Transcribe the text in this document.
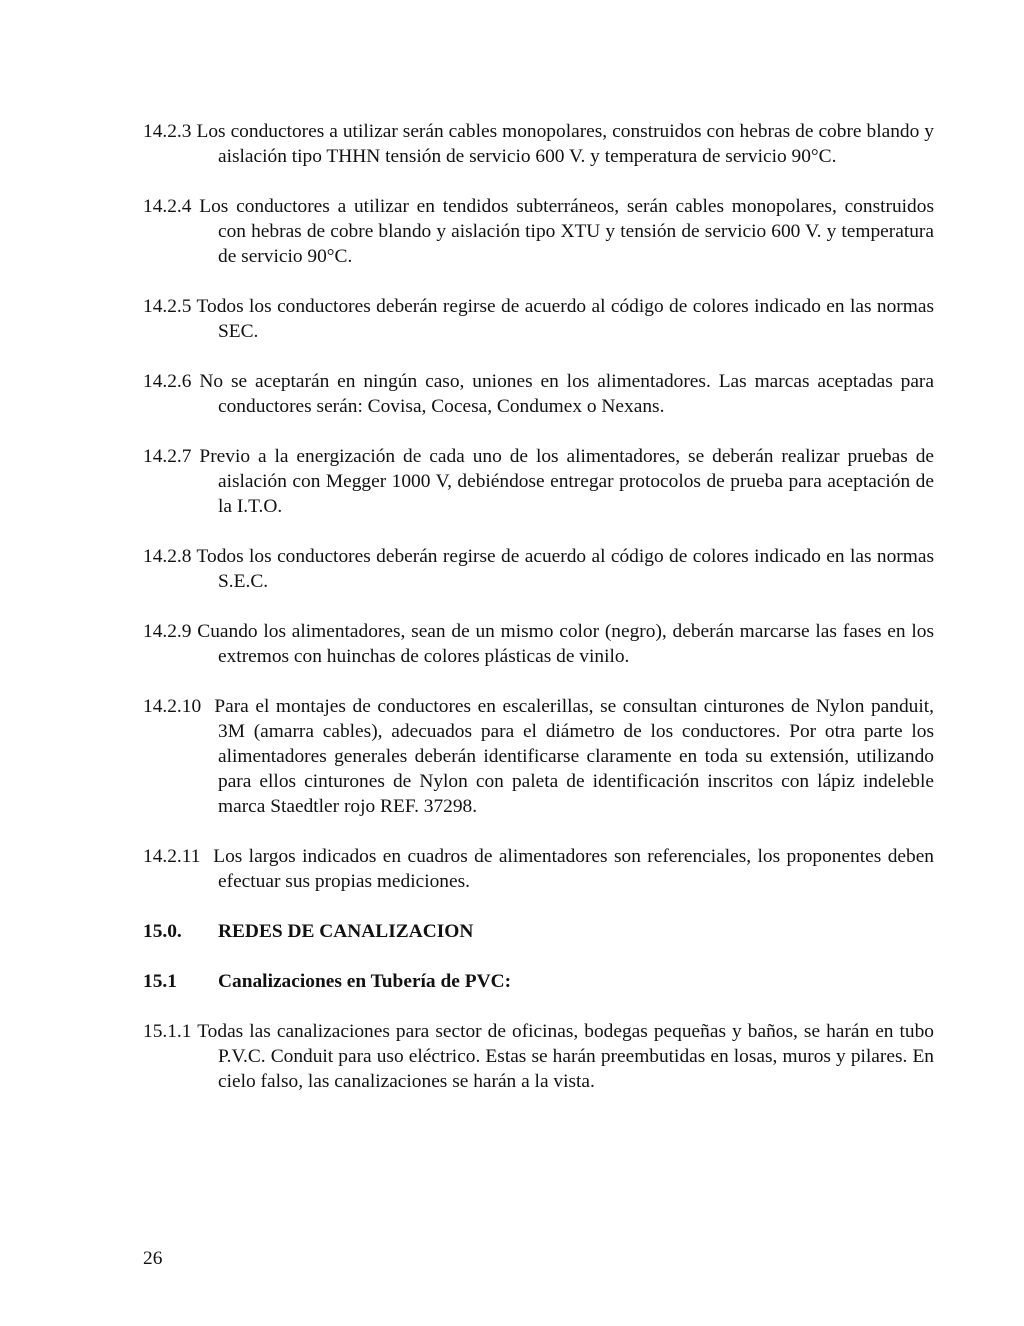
14.2.3 Los conductores a utilizar serán cables monopolares, construidos con hebras de cobre blando y aislación tipo THHN tensión de servicio 600 V. y temperatura de servicio 90°C.

14.2.4 Los conductores a utilizar en tendidos subterráneos, serán cables monopolares, construidos con hebras de cobre blando y aislación tipo XTU y tensión de servicio 600 V. y temperatura de servicio 90°C.

14.2.5 Todos los conductores deberán regirse de acuerdo al código de colores indicado en las normas SEC.

14.2.6 No se aceptarán en ningún caso, uniones en los alimentadores. Las marcas aceptadas para conductores serán: Covisa, Cocesa, Condumex o Nexans.

14.2.7 Previo a la energización de cada uno de los alimentadores, se deberán realizar pruebas de aislación con Megger 1000 V, debiéndose entregar protocolos de prueba para aceptación de la I.T.O.

14.2.8 Todos los conductores deberán regirse de acuerdo al código de colores indicado en las normas S.E.C.

14.2.9 Cuando los alimentadores, sean de un mismo color (negro), deberán marcarse las fases en los extremos con huinchas de colores plásticas de vinilo.

14.2.10 Para el montajes de conductores en escalerillas, se consultan cinturones de Nylon panduit, 3M (amarra cables), adecuados para el diámetro de los conductores. Por otra parte los alimentadores generales deberán identificarse claramente en toda su extensión, utilizando para ellos cinturones de Nylon con paleta de identificación inscritos con lápiz indeleble marca Staedtler rojo REF. 37298.

14.2.11 Los largos indicados en cuadros de alimentadores son referenciales, los proponentes deben efectuar sus propias mediciones.

15.0.	REDES DE CANALIZACION
15.1	Canalizaciones en Tubería de PVC:

15.1.1 Todas las canalizaciones para sector de oficinas, bodegas pequeñas y baños, se harán en tubo P.V.C. Conduit para uso eléctrico. Estas se harán preembutidas en losas, muros y pilares. En cielo falso, las canalizaciones se harán a la vista.

26
